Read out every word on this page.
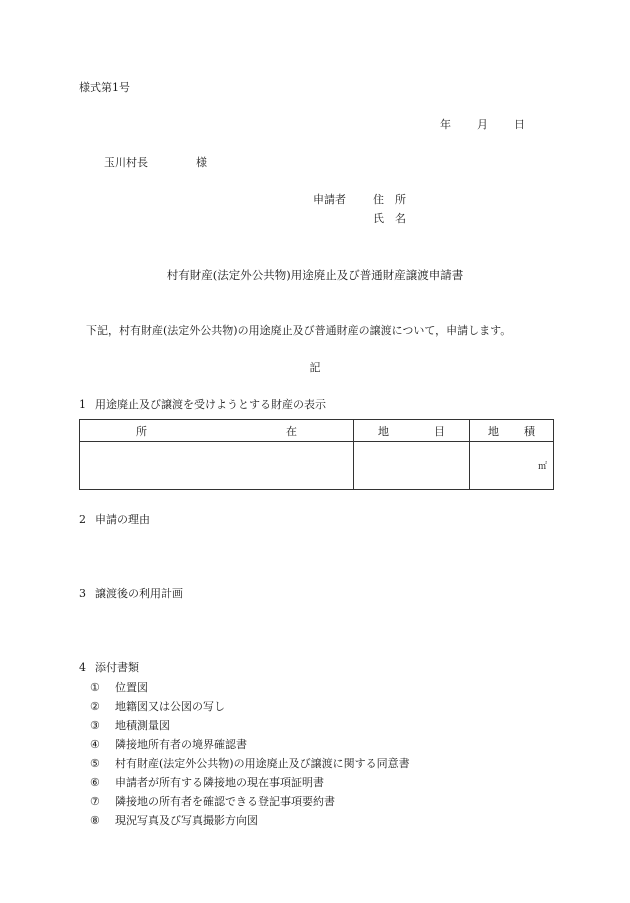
様式第1号
年 月 日
玉川村長	様
申請者 住　所
氏　名
村有財産(法定外公共物)用途廃止及び普通財産譲渡申請書
下記，村有財産(法定外公共物)の用途廃止及び普通財産の譲渡について，申請します。
記
1 用途廃止及び譲渡を受けようとする財産の表示
所 在	地 目	地 積

		㎡
2 申請の理由
3 譲渡後の利用計画
4 添付書類
① 位置図
② 地籍図又は公図の写し
③ 地積測量図
④ 隣接地所有者の境界確認書
⑤ 村有財産(法定外公共物)の用途廃止及び譲渡に関する同意書
⑥ 申請者が所有する隣接地の現在事項証明書
⑦ 隣接地の所有者を確認できる登記事項要約書
⑧ 現況写真及び写真撮影方向図
